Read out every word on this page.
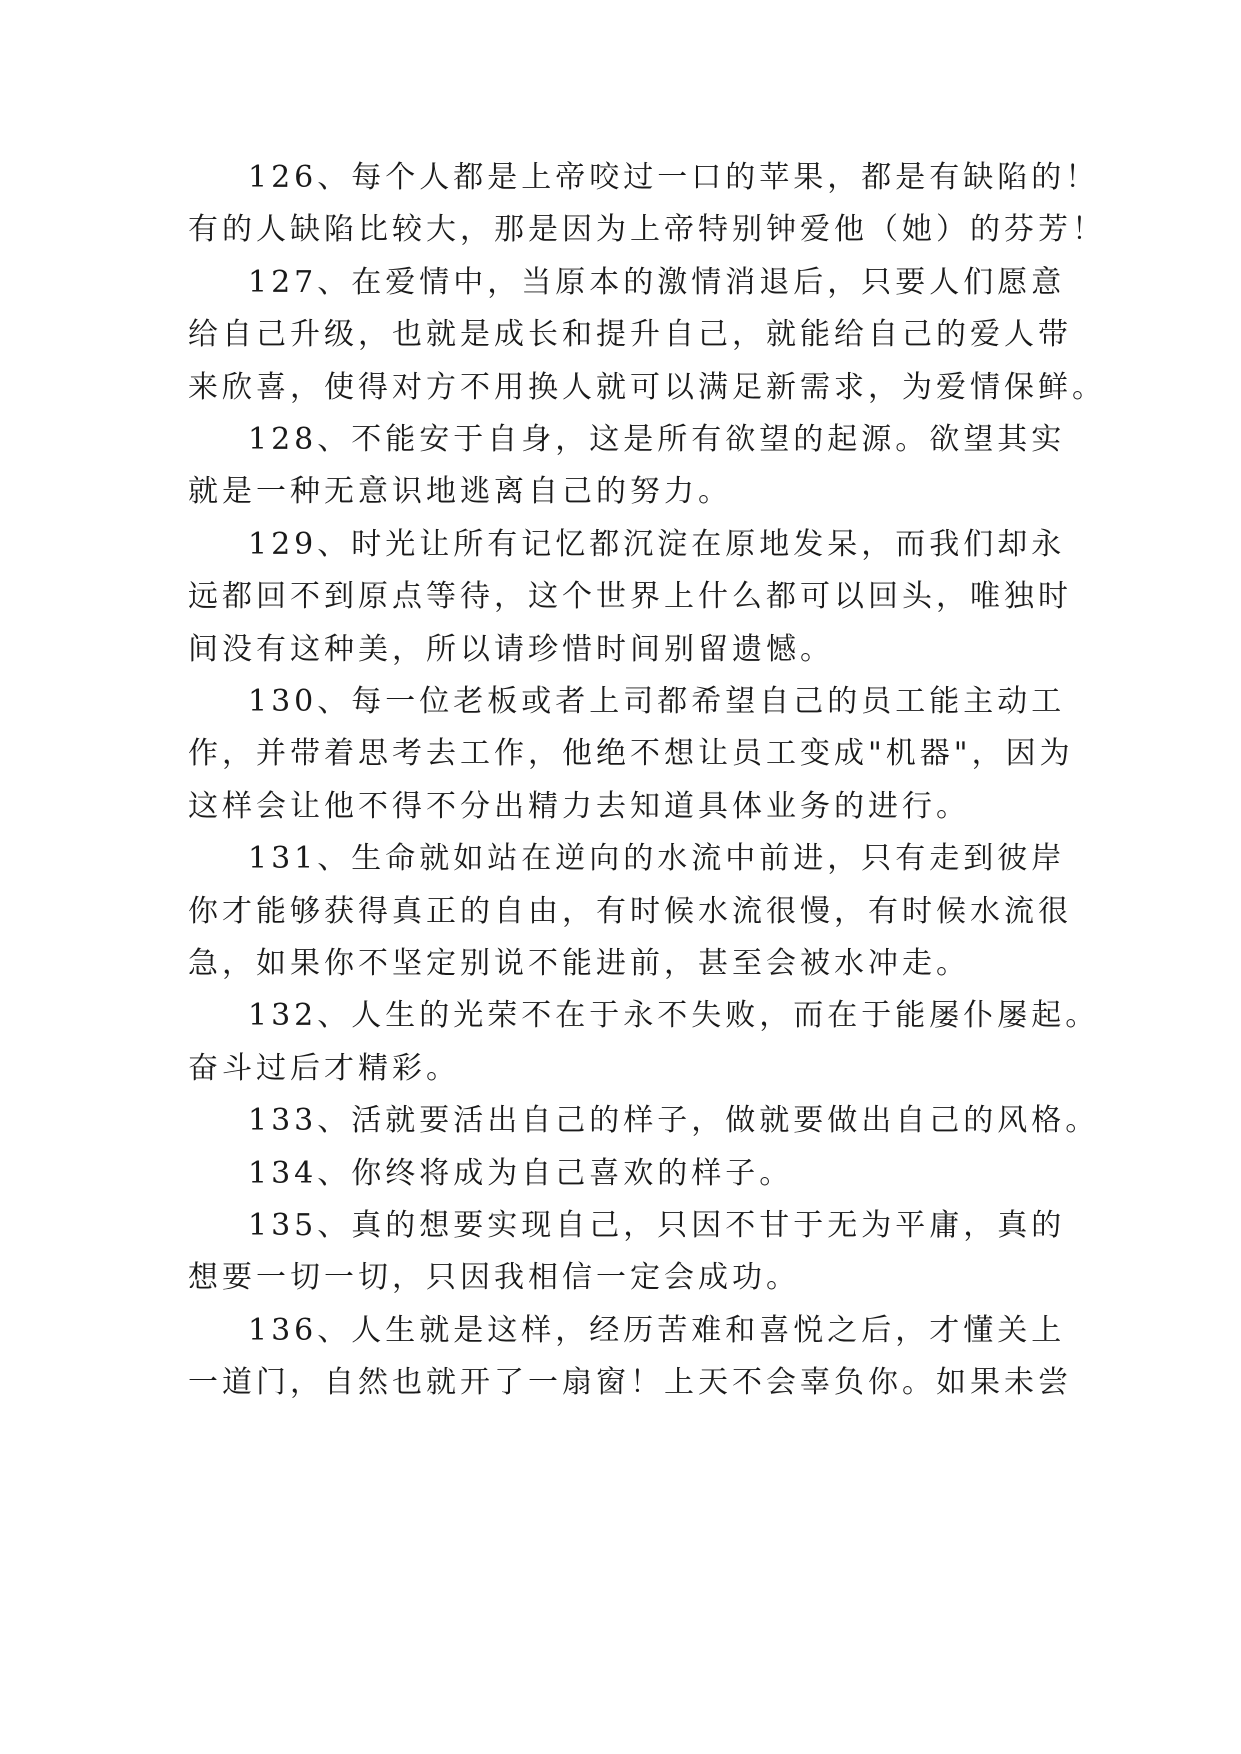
126、每个人都是上帝咬过一口的苹果，都是有缺陷的！
有的人缺陷比较大，那是因为上帝特别钟爱他（她）的芬芳！
127、在爱情中，当原本的激情消退后，只要人们愿意
给自己升级，也就是成长和提升自己，就能给自己的爱人带
来欣喜，使得对方不用换人就可以满足新需求，为爱情保鲜。
128、不能安于自身，这是所有欲望的起源。欲望其实
就是一种无意识地逃离自己的努力。
129、时光让所有记忆都沉淀在原地发呆，而我们却永
远都回不到原点等待，这个世界上什么都可以回头，唯独时
间没有这种美，所以请珍惜时间别留遗憾。
130、每一位老板或者上司都希望自己的员工能主动工
作，并带着思考去工作，他绝不想让员工变成"机器"，因为
这样会让他不得不分出精力去知道具体业务的进行。
131、生命就如站在逆向的水流中前进，只有走到彼岸
你才能够获得真正的自由，有时候水流很慢，有时候水流很
急，如果你不坚定别说不能进前，甚至会被水冲走。
132、人生的光荣不在于永不失败，而在于能屡仆屡起。
奋斗过后才精彩。
133、活就要活出自己的样子，做就要做出自己的风格。
134、你终将成为自己喜欢的样子。
135、真的想要实现自己，只因不甘于无为平庸，真的
想要一切一切，只因我相信一定会成功。
136、人生就是这样，经历苦难和喜悦之后，才懂关上
一道门，自然也就开了一扇窗！上天不会辜负你。如果未尝
